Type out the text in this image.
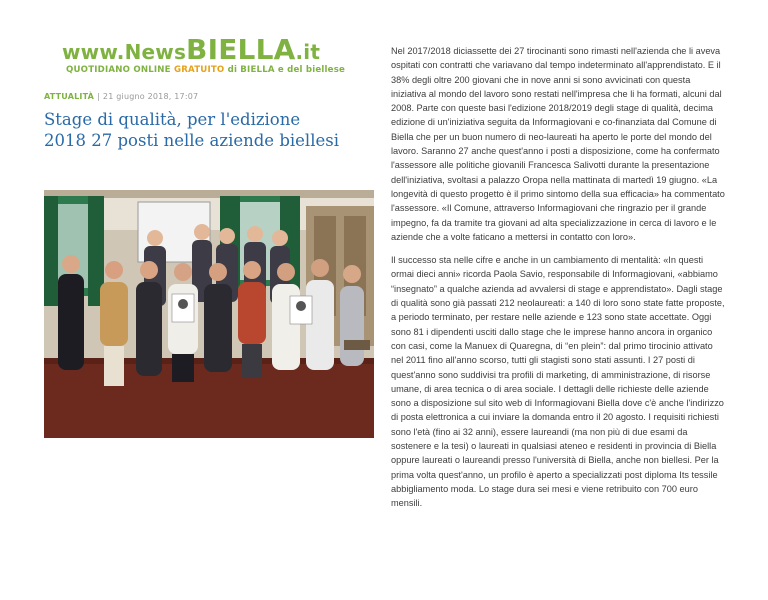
www.NewsBIELLA.it
QUOTIDIANO ONLINE GRATUITO di BIELLA e del biellese
ATTUALITÀ | 21 giugno 2018, 17:07
Stage di qualità, per l'edizione 2018 27 posti nelle aziende biellesi

Nel 2017/2018 diciassette dei 27 tirocinanti sono rimasti nell'azienda che li aveva ospitati con contratti che variavano dal tempo indeterminato all'apprendistato. E il 38% degli oltre 200 giovani che in nove anni si sono avvicinati con questa iniziativa al mondo del lavoro sono restati nell'impresa che li ha formati, alcuni dal 2008. Parte con queste basi l'edizione 2018/2019 degli stage di qualità, decima edizione di un'iniziativa seguita da Informagiovani e co-finanziata dal Comune di Biella che per un buon numero di neo-laureati ha aperto le porte del mondo del lavoro. Saranno 27 anche quest'anno i posti a disposizione, come ha confermato l'assessore alle politiche giovanili Francesca Salivotti durante la presentazione dell'iniziativa, svoltasi a palazzo Oropa nella mattinata di martedì 19 giugno. «La longevità di questo progetto è il primo sintomo della sua efficacia» ha commentato l'assessore. «Il Comune, attraverso Informagiovani che ringrazio per il grande impegno, fa da tramite tra giovani ad alta specializzazione in cerca di lavoro e le aziende che a volte faticano a mettersi in contatto con loro».

Il successo sta nelle cifre e anche in un cambiamento di mentalità: «In questi ormai dieci anni» ricorda Paola Savio, responsabile di Informagiovani, «abbiamo “insegnato” a qualche azienda ad avvalersi di stage e apprendistato». Dagli stage di qualità sono già passati 212 neolaureati: a 140 di loro sono state fatte proposte, a periodo terminato, per restare nelle aziende e 123 sono state accettate. Oggi sono 81 i dipendenti usciti dallo stage che le imprese hanno ancora in organico con casi, come la Manuex di Quaregna, di “en plein”: dal primo tirocinio attivato nel 2011 fino all'anno scorso, tutti gli stagisti sono stati assunti. I 27 posti di quest'anno sono suddivisi tra profili di marketing, di amministrazione, di risorse umane, di area tecnica o di area sociale. I dettagli delle richieste delle aziende sono a disposizione sul sito web di Informagiovani Biella dove c'è anche l'indirizzo di posta elettronica a cui inviare la domanda entro il 20 agosto. I requisiti richiesti sono l'età (fino ai 32 anni), essere laureandi (ma non più di due esami da sostenere e la tesi) o laureati in qualsiasi ateneo e residenti in provincia di Biella oppure laureati o laureandi presso l'università di Biella, anche non biellesi. Per la prima volta quest'anno, un profilo è aperto a specializzati post diploma Its tessile abbigliamento moda. Lo stage dura sei mesi e viene retribuito con 700 euro mensili.
